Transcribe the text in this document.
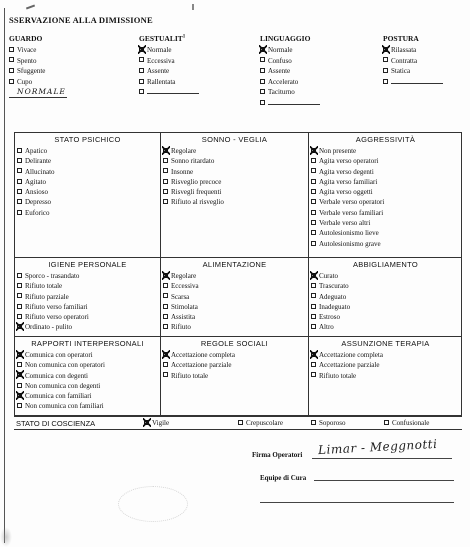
SSERVAZIONE ALLA DIMISSIONE
GUARDO
Vivace
Spento
Sfuggente
Cupo
NORMALE
GESTUALIT$^1$
Normale
Eccessiva
Assente
Rallentata
LINGUAGGIO
Normale
Confuso
Assente
Accelerato
Taciturno
POSTURA
Rilassata
Contratta
Statica
STATO PSICHICO
Apatico
Delirante
Allucinato
Agitato
Ansioso
Depresso
Euforico
SONNO - VEGLIA
Regolare
Sonno ritardato
Insonne
Risveglio precoce
Risvegli frequenti
Rifiuto al risveglio
AGGRESSIVITÀ
Non presente
Agita verso operatori
Agita verso degenti
Agita verso familiari
Agita verso oggetti
Verbale verso operatori
Verbale verso familiari
Verbale verso altri
Autolesionismo lieve
Autolesionismo grave
IGIENE PERSONALE
Sporco - trasandato
Rifiuto totale
Rifiuto parziale
Rifiuto verso familiari
Rifiuto verso operatori
Ordinato - pulito
ALIMENTAZIONE
Regolare
Eccessiva
Scarsa
Stimolata
Assistita
Rifiuto
ABBIGLIAMENTO
Curato
Trascurato
Adeguato
Inadeguato
Estroso
Altro
RAPPORTI INTERPERSONALI
Comunica con operatori
Non comunica con operatori
Comunica con degenti
Non comunica con degenti
Comunica con familiari
Non comunica con familiari
REGOLE SOCIALI
Accettazione completa
Accettazione parziale
Rifiuto totale
ASSUNZIONE TERAPIA
Accettazione completa
Accettazione parziale
Rifiuto totale
STATO DI COSCIENZA	Vigile	Crepuscolare	Soporoso	Confusionale
Limar - Meggnotti
Firma Operatori
Equipe di Cura
